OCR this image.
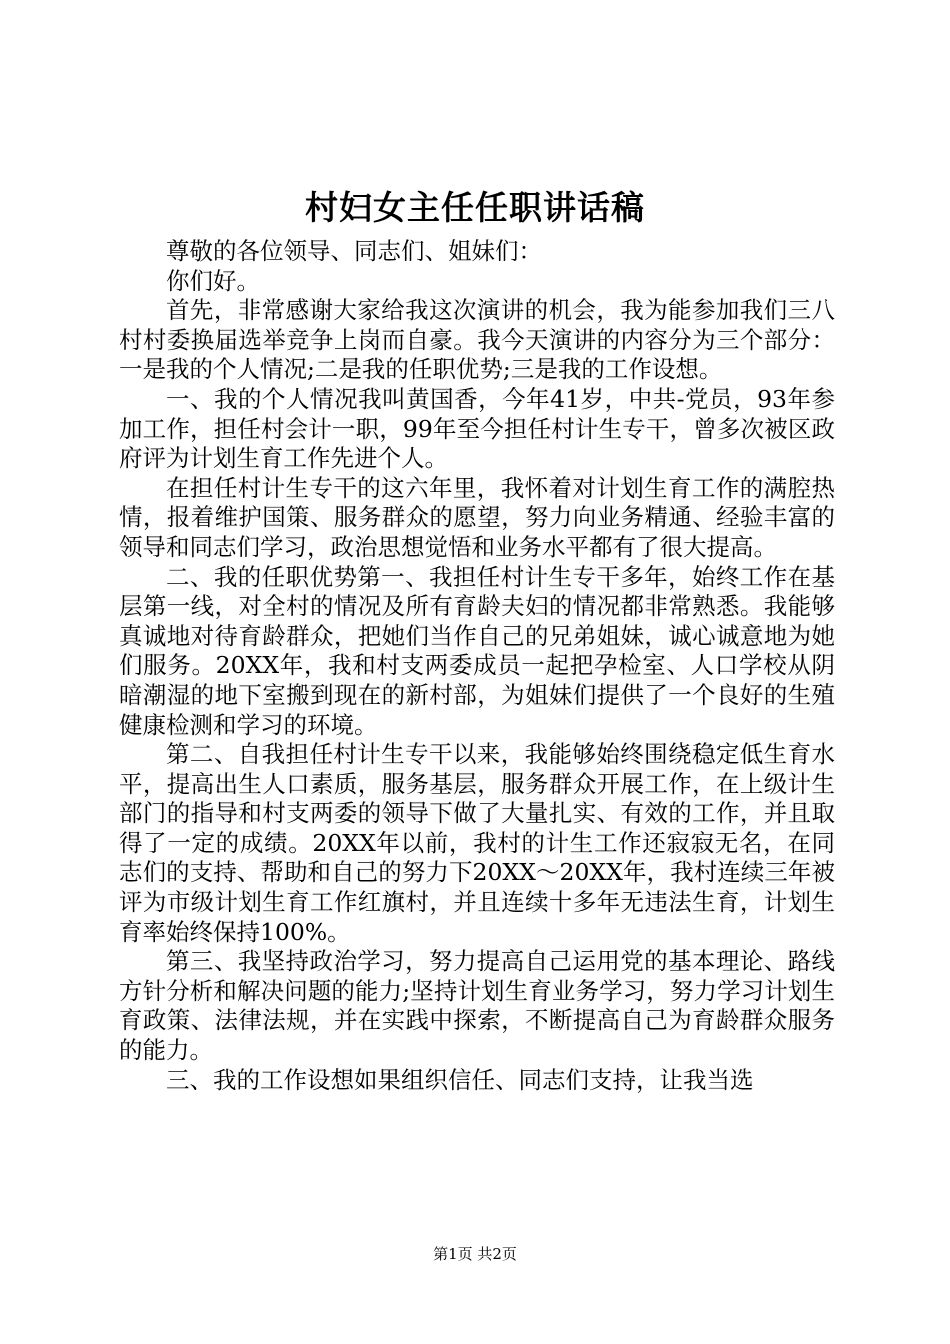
村妇女主任任职讲话稿

尊敬的各位领导、同志们、姐妹们：

你们好。

首先，非常感谢大家给我这次演讲的机会，我为能参加我们三八村村委换届选举竞争上岗而自豪。我今天演讲的内容分为三个部分：一是我的个人情况;二是我的任职优势;三是我的工作设想。

一、我的个人情况我叫黄国香，今年41岁，中共-党员，93年参加工作，担任村会计一职，99年至今担任村计生专干，曾多次被区政府评为计划生育工作先进个人。

在担任村计生专干的这六年里，我怀着对计划生育工作的满腔热情，报着维护国策、服务群众的愿望，努力向业务精通、经验丰富的领导和同志们学习，政治思想觉悟和业务水平都有了很大提高。

二、我的任职优势第一、我担任村计生专干多年，始终工作在基层第一线，对全村的情况及所有育龄夫妇的情况都非常熟悉。我能够真诚地对待育龄群众，把她们当作自己的兄弟姐妹，诚心诚意地为她们服务。20XX年，我和村支两委成员一起把孕检室、人口学校从阴暗潮湿的地下室搬到现在的新村部，为姐妹们提供了一个良好的生殖健康检测和学习的环境。

第二、自我担任村计生专干以来，我能够始终围绕稳定低生育水平，提高出生人口素质，服务基层，服务群众开展工作，在上级计生部门的指导和村支两委的领导下做了大量扎实、有效的工作，并且取得了一定的成绩。20XX年以前，我村的计生工作还寂寂无名，在同志们的支持、帮助和自己的努力下20XX～20XX年，我村连续三年被评为市级计划生育工作红旗村，并且连续十多年无违法生育，计划生育率始终保持100%。

第三、我坚持政治学习，努力提高自己运用党的基本理论、路线方针分析和解决问题的能力;坚持计划生育业务学习，努力学习计划生育政策、法律法规，并在实践中探索，不断提高自己为育龄群众服务的能力。

三、我的工作设想如果组织信任、同志们支持，让我当选

第1页 共2页
